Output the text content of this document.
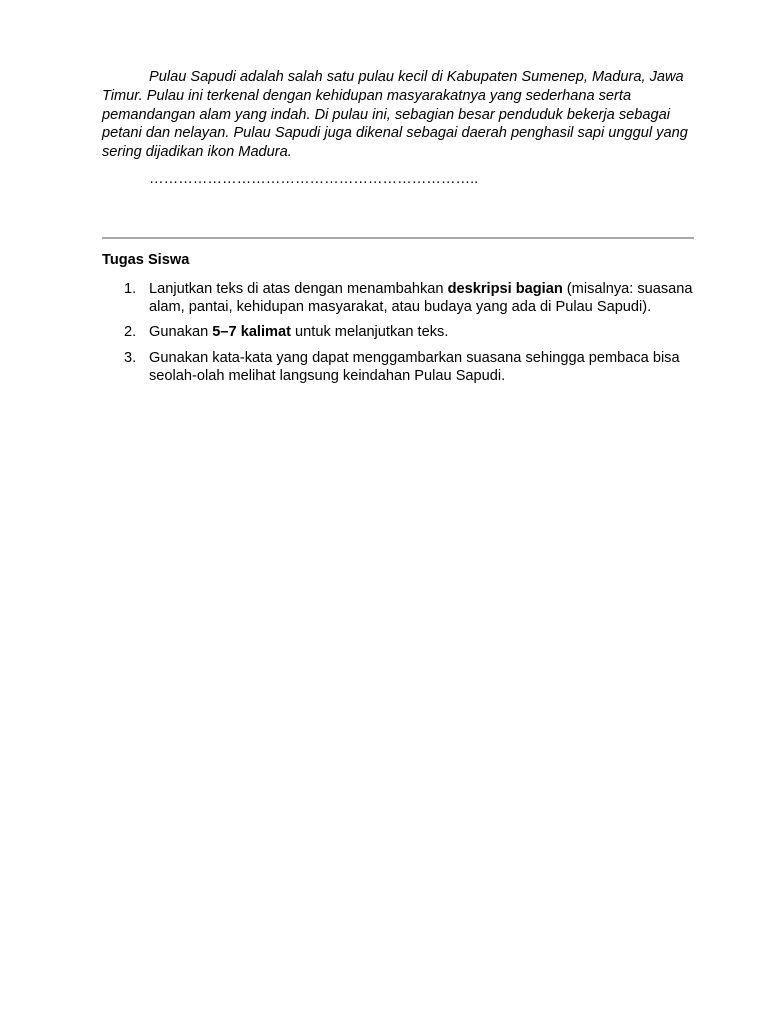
Pulau Sapudi adalah salah satu pulau kecil di Kabupaten Sumenep, Madura, Jawa Timur. Pulau ini terkenal dengan kehidupan masyarakatnya yang sederhana serta pemandangan alam yang indah. Di pulau ini, sebagian besar penduduk bekerja sebagai petani dan nelayan. Pulau Sapudi juga dikenal sebagai daerah penghasil sapi unggul yang sering dijadikan ikon Madura.

…………………………………………………………..

Tugas Siswa

1. Lanjutkan teks di atas dengan menambahkan deskripsi bagian (misalnya: suasana alam, pantai, kehidupan masyarakat, atau budaya yang ada di Pulau Sapudi).
2. Gunakan 5–7 kalimat untuk melanjutkan teks.
3. Gunakan kata-kata yang dapat menggambarkan suasana sehingga pembaca bisa seolah-olah melihat langsung keindahan Pulau Sapudi.
